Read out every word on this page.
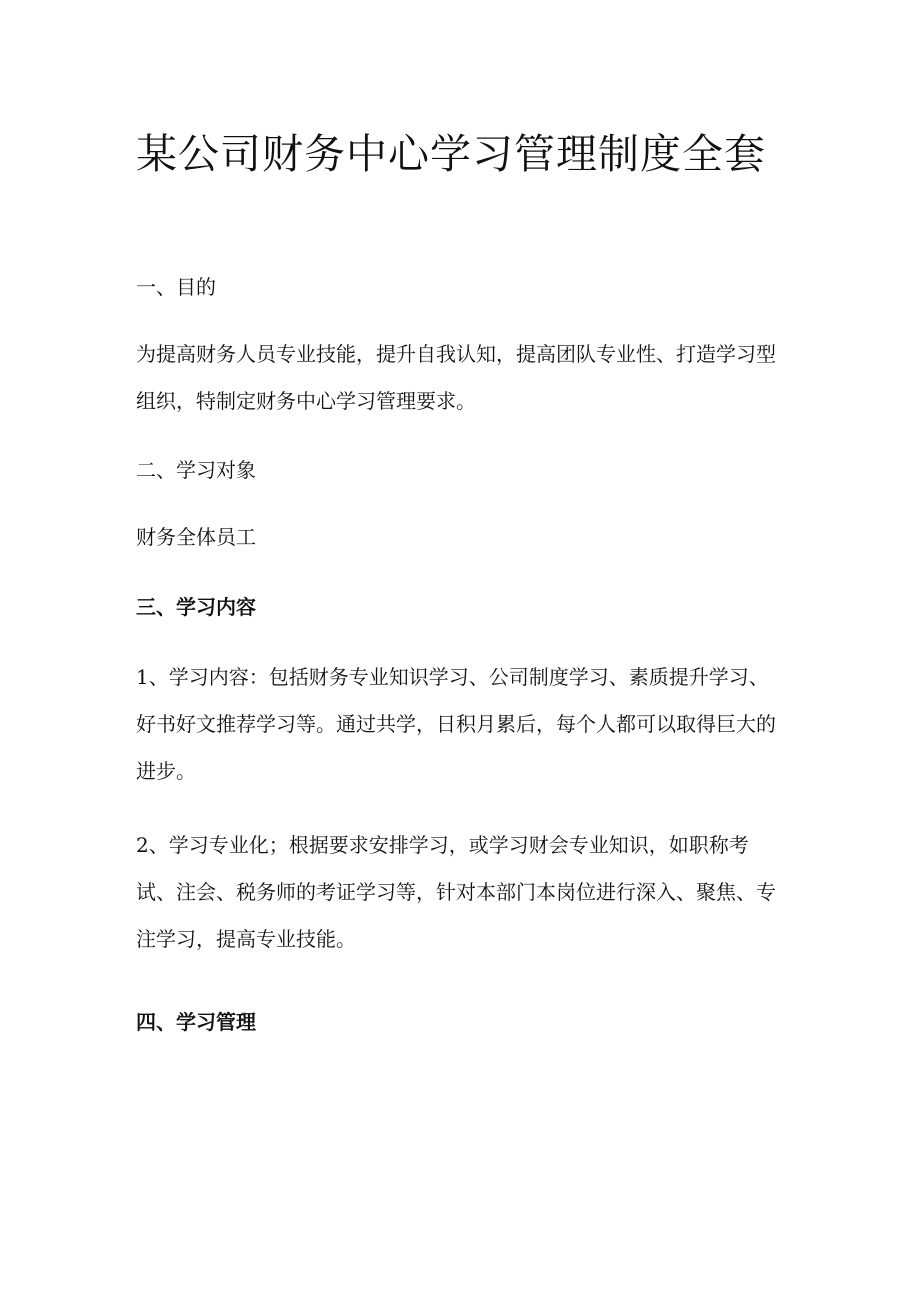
某公司财务中心学习管理制度全套
一、目的

为提高财务人员专业技能，提升自我认知，提高团队专业性、打造学习型
组织，特制定财务中心学习管理要求。

二、学习对象

财务全体员工

三、学习内容

1、学习内容：包括财务专业知识学习、公司制度学习、素质提升学习、
好书好文推荐学习等。通过共学，日积月累后，每个人都可以取得巨大的
进步。

2、学习专业化；根据要求安排学习，或学习财会专业知识，如职称考
试、注会、税务师的考证学习等，针对本部门本岗位进行深入、聚焦、专
注学习，提高专业技能。

四、学习管理
